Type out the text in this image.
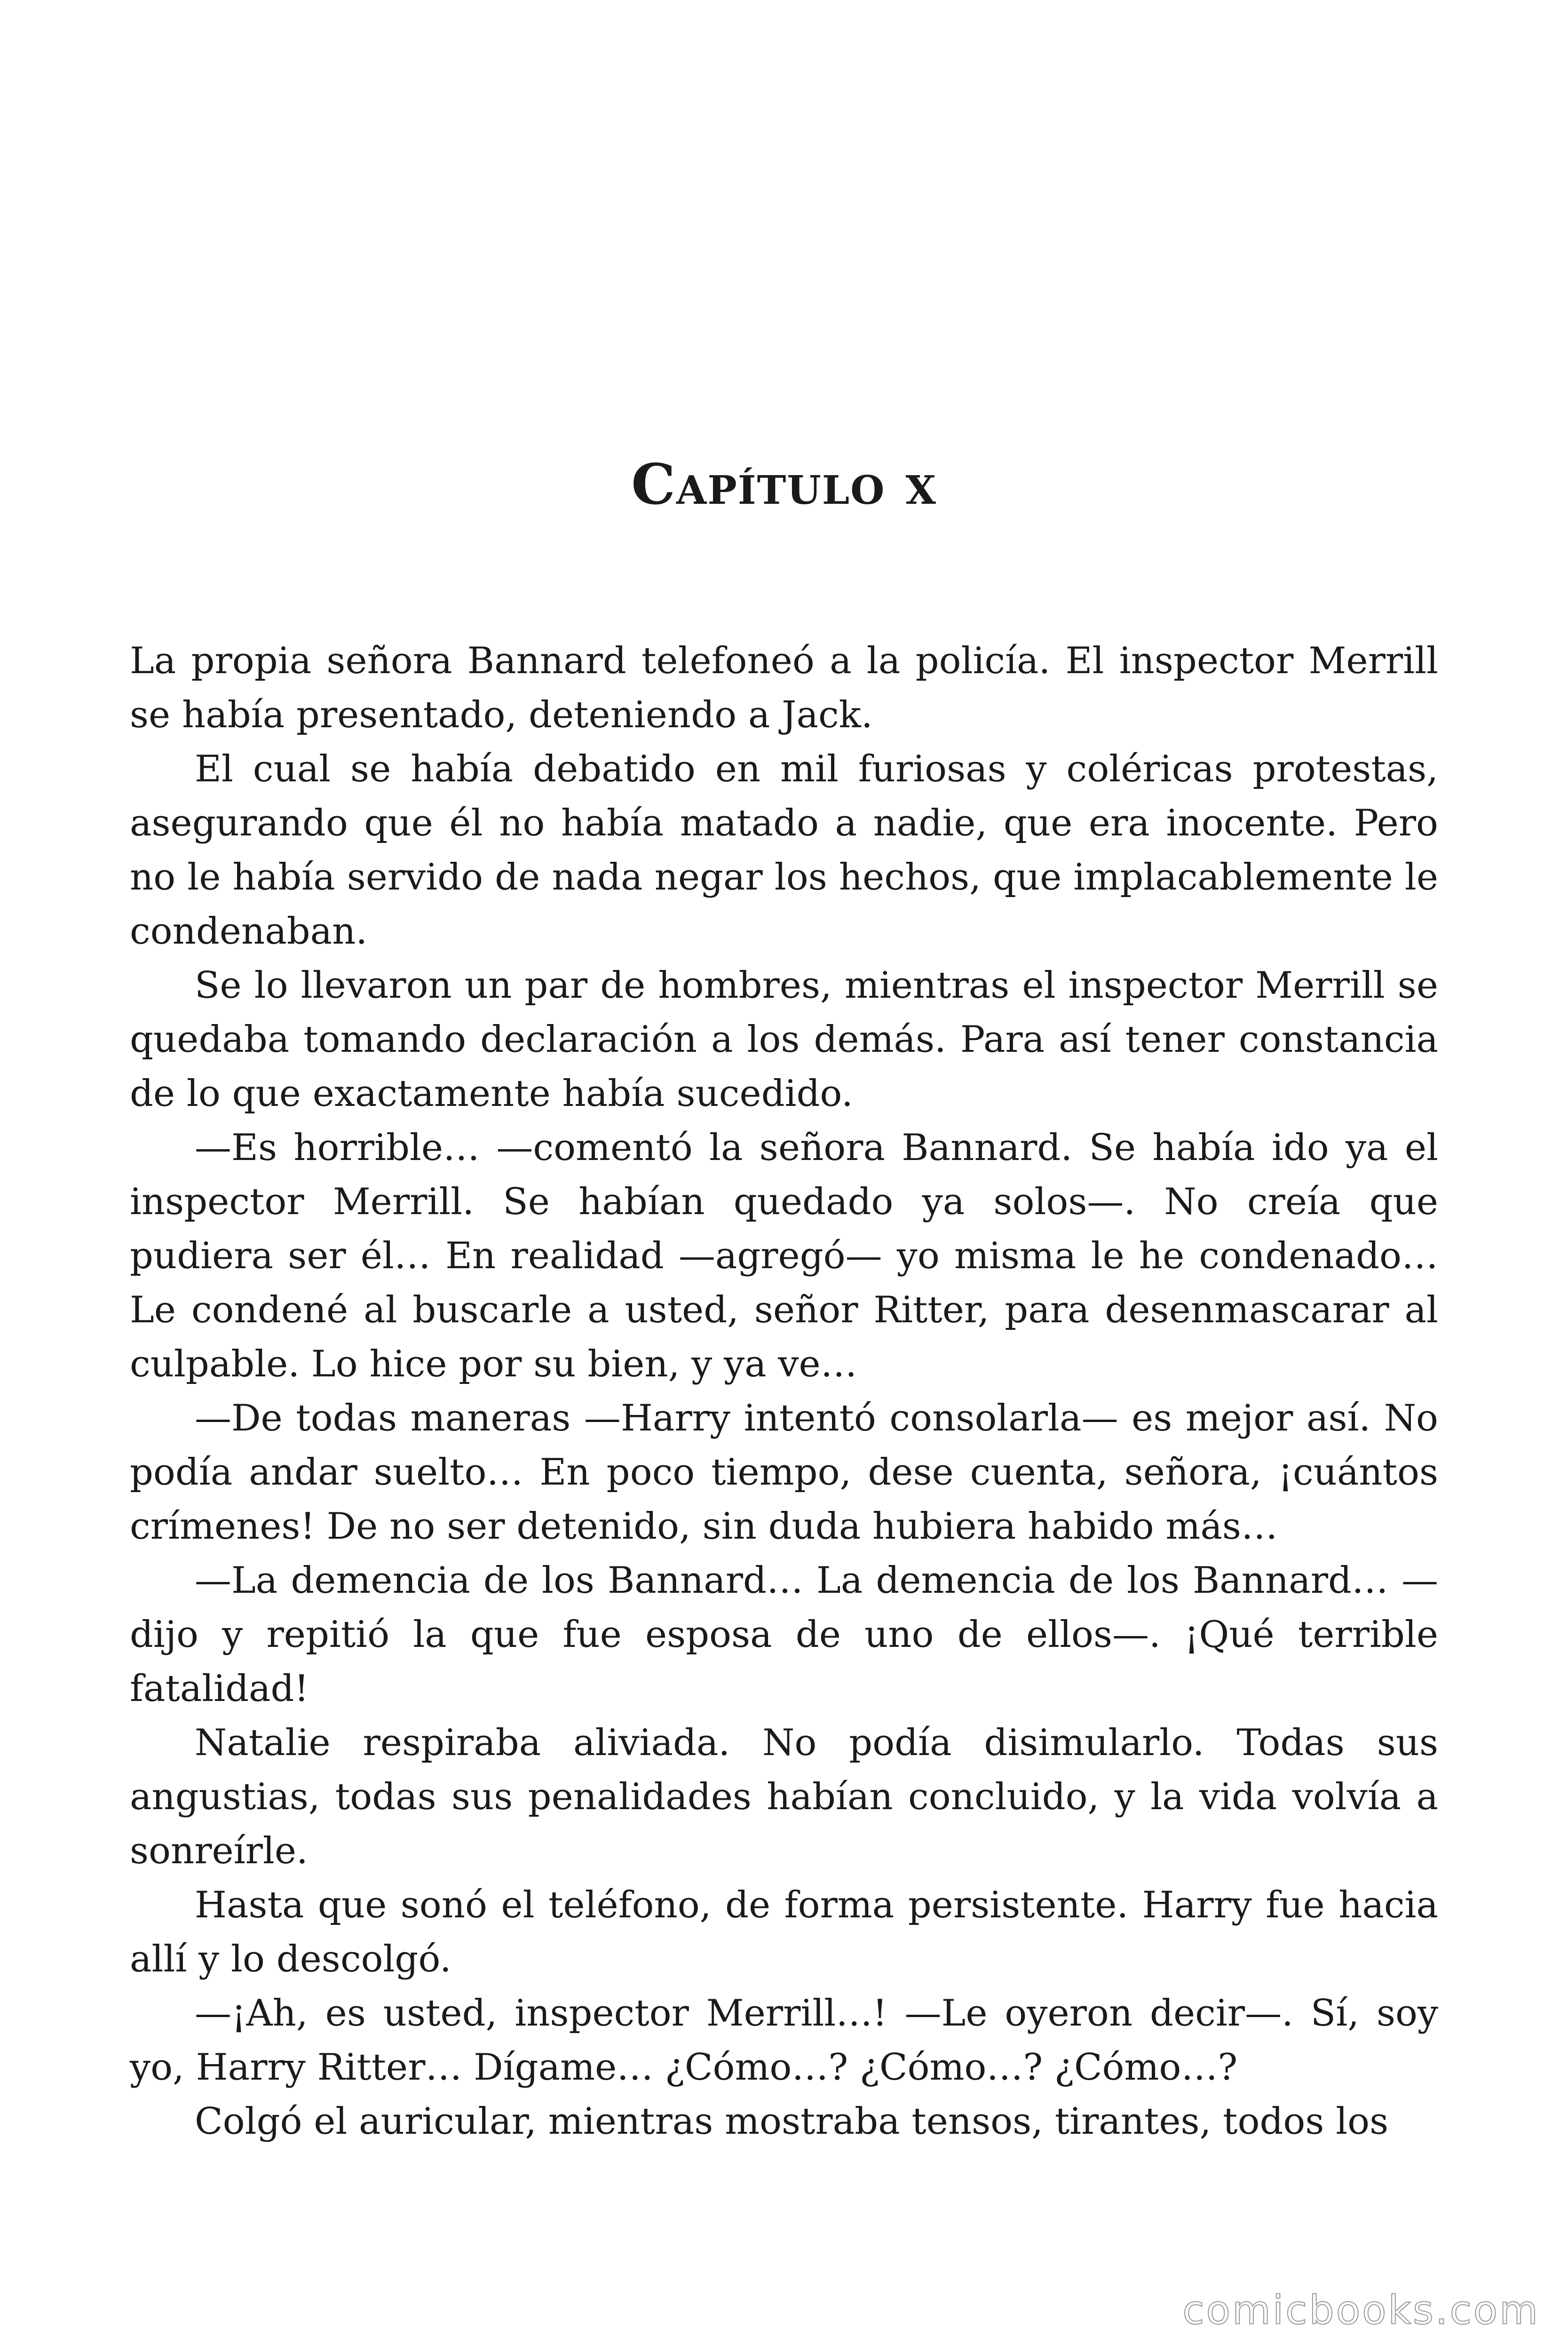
Capítulo x

La propia señora Bannard telefoneó a la policía. El inspector Merrill se había presentado, deteniendo a Jack.

El cual se había debatido en mil furiosas y coléricas protestas, asegurando que él no había matado a nadie, que era inocente. Pero no le había servido de nada negar los hechos, que implacablemente le condenaban.

Se lo llevaron un par de hombres, mientras el inspector Merrill se quedaba tomando declaración a los demás. Para así tener constancia de lo que exactamente había sucedido.

—Es horrible… —comentó la señora Bannard. Se había ido ya el inspector Merrill. Se habían quedado ya solos—. No creía que pudiera ser él… En realidad —agregó— yo misma le he condenado… Le condené al buscarle a usted, señor Ritter, para desenmascarar al culpable. Lo hice por su bien, y ya ve…

—De todas maneras —Harry intentó consolarla— es mejor así. No podía andar suelto… En poco tiempo, dese cuenta, señora, ¡cuántos crímenes! De no ser detenido, sin duda hubiera habido más…

—La demencia de los Bannard… La demencia de los Bannard… —dijo y repitió la que fue esposa de uno de ellos—. ¡Qué terrible fatalidad!

Natalie respiraba aliviada. No podía disimularlo. Todas sus angustias, todas sus penalidades habían concluido, y la vida volvía a sonreírle.

Hasta que sonó el teléfono, de forma persistente. Harry fue hacia allí y lo descolgó.

—¡Ah, es usted, inspector Merrill…! —Le oyeron decir—. Sí, soy yo, Harry Ritter… Dígame… ¿Cómo…? ¿Cómo…? ¿Cómo…?

Colgó el auricular, mientras mostraba tensos, tirantes, todos los

comicbooks.com
